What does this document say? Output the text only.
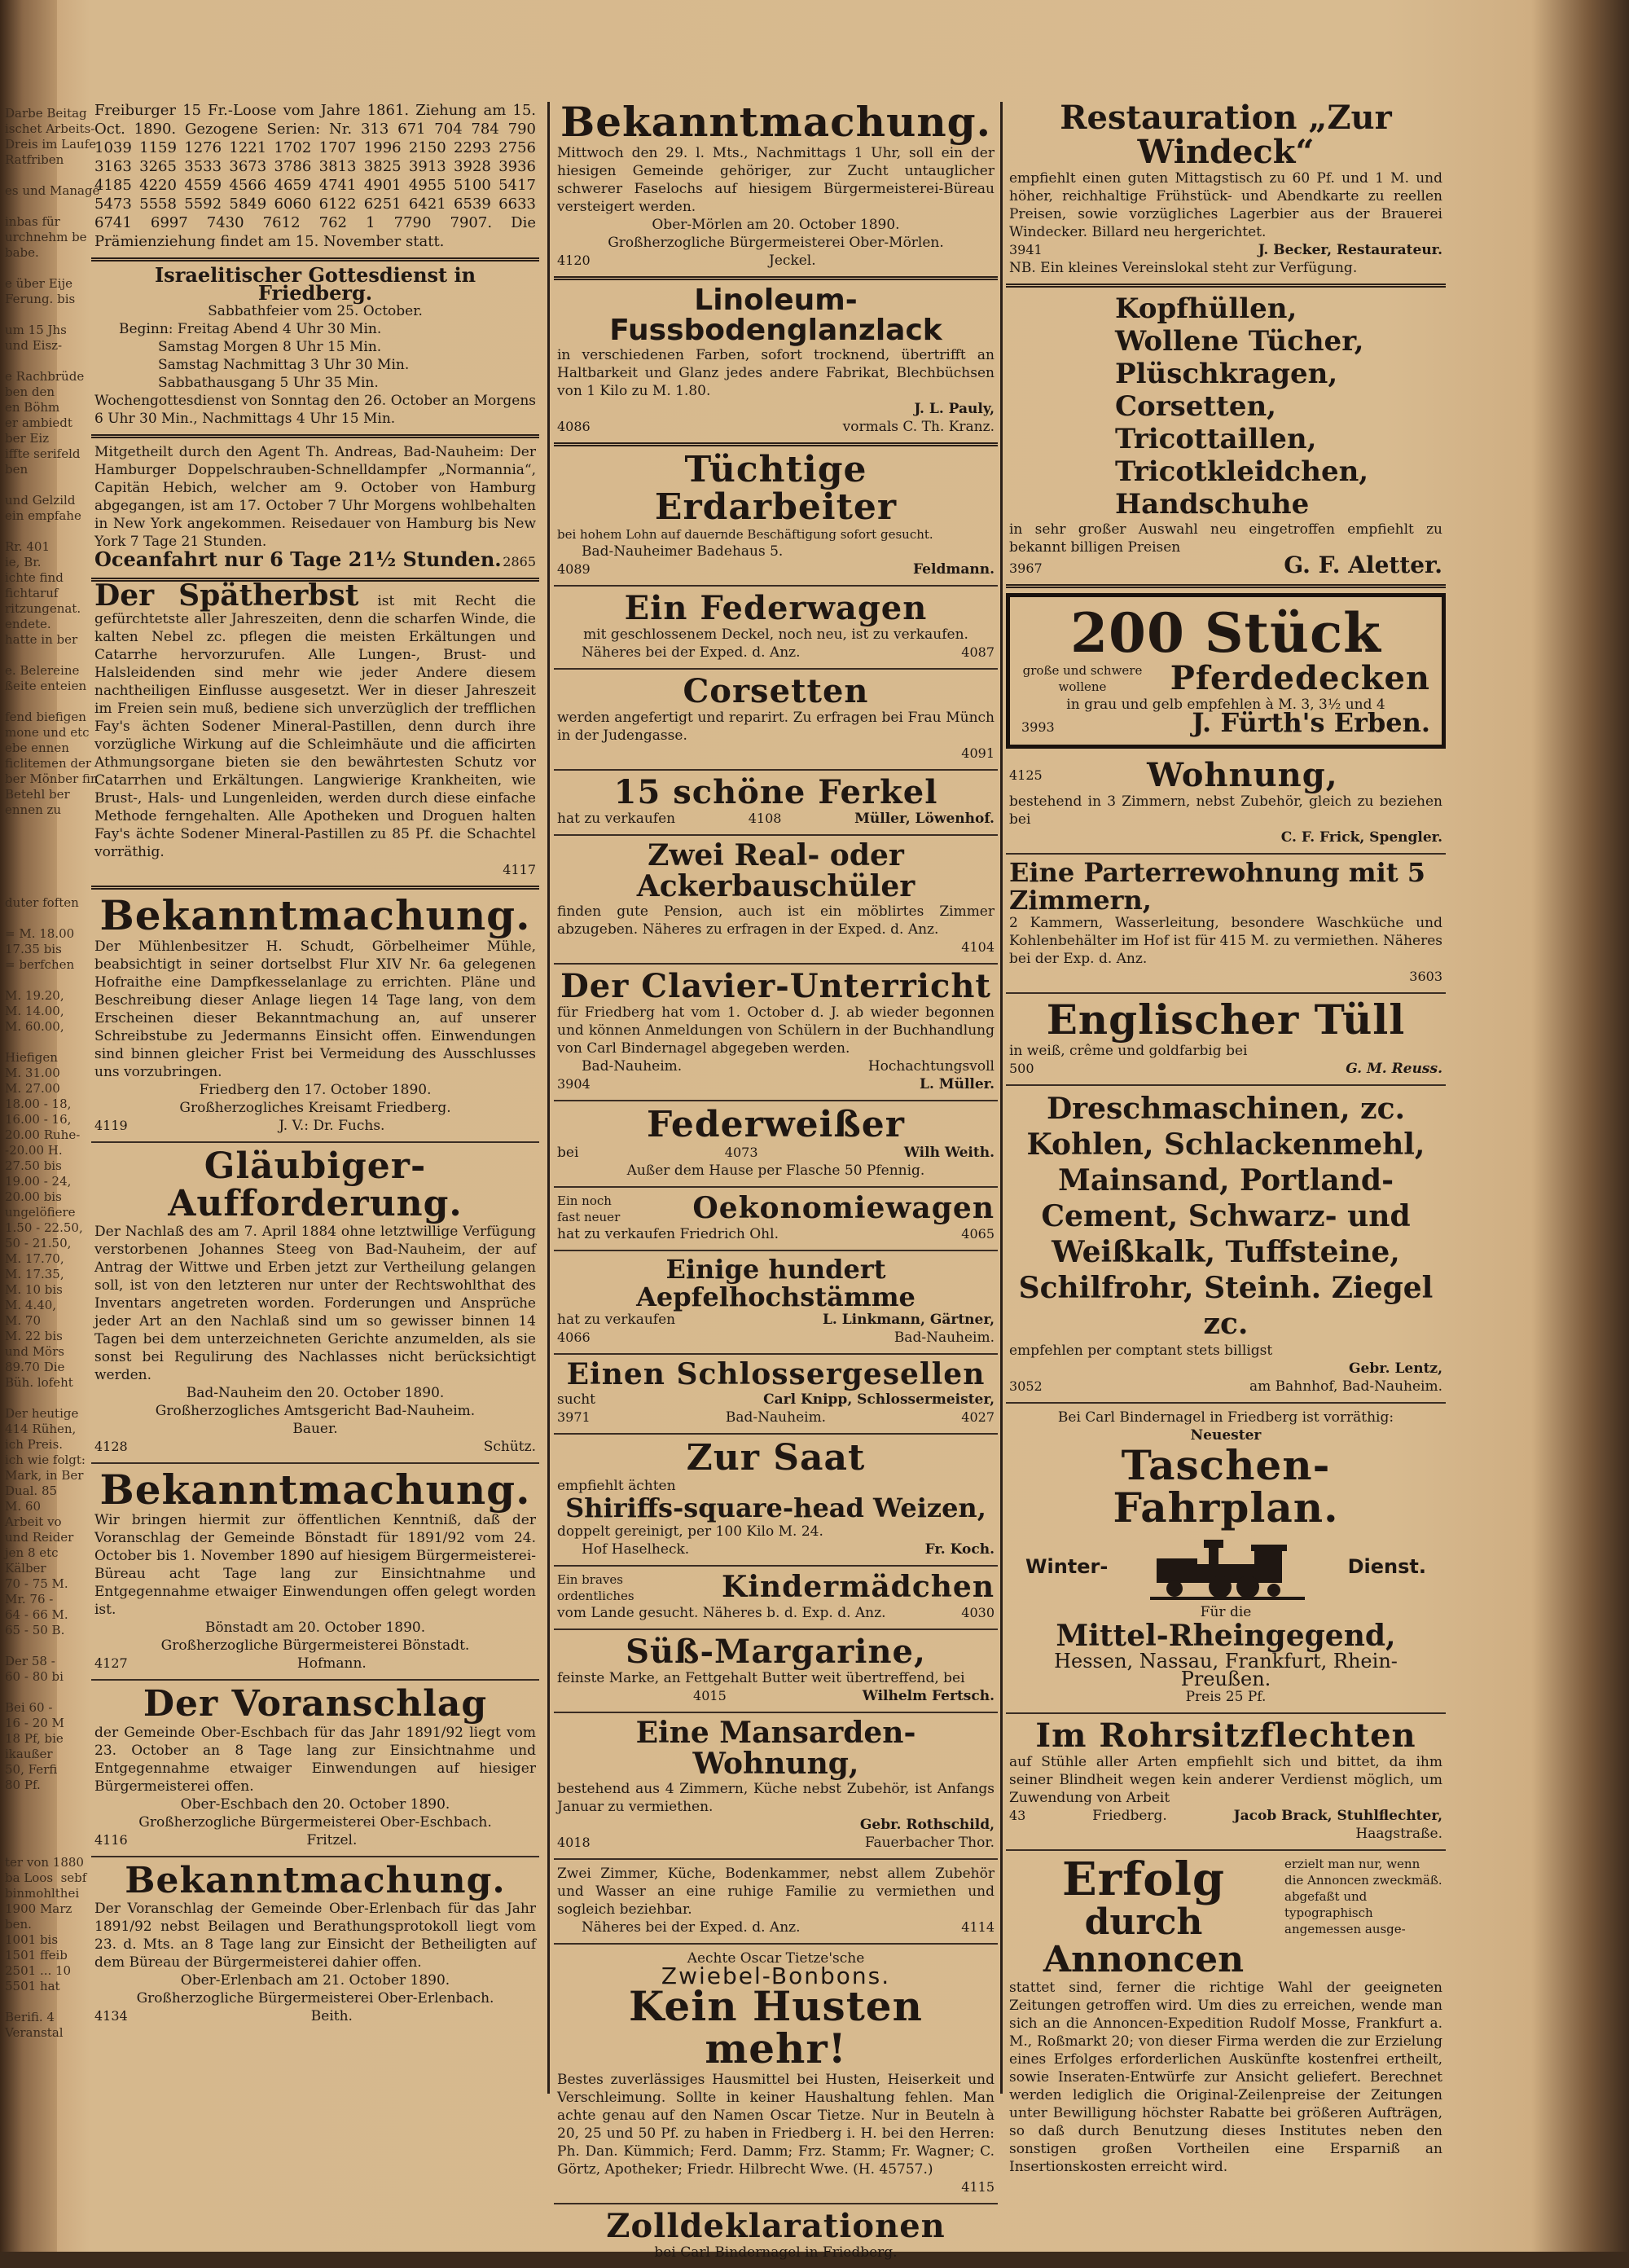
Darbe Beitag
ischet Arbeits-
Dreis im Laufe
Ratfriben

es und Manage

inbas für
urchnehm be
babe.

e über Eije
Ferung. bis

um 15 Jhs
und Eisz-

e Rachbrüde
ben den
en Böhm
er ambiedt
ber Eiz
iffte serifeld
ben

und Gelzild
ein empfahe

Rr. 401
ie, Br.
ichte find
fichtaruf
ritzungenat.
endete.
hatte in ber

e. Belereine
ßeite enteien

fend biefigen
mone und etc
ebe ennen
ficlitemen der
ber Mönber fin
Betehl ber
ennen zu

duter foften

= M. 18.00
17.35 bis
= berfchen

M. 19.20,
M. 14.00,
M. 60.00,

Hiefigen
M. 31.00
M. 27.00
18.00 - 18,
16.00 - 16,
20.00 Ruhe-
-20.00 H.
27.50 bis
19.00 - 24,
20.00 bis
ungelöfiere
1.50 - 22.50,
50 - 21.50,
M. 17.70,
M. 17.35,
M. 10 bis
M. 4.40,
M. 70
M. 22 bis
und Mörs
89.70 Die
Büh. lofeht

Der heutige
414 Rühen,
ich Preis.
ich wie folgt:
Mark, in Ber
Dual. 85
M. 60
Arbeit vo
und Reider
jen 8 etc
Kälber
70 - 75 M.
Mr. 76 -
64 - 66 M.
65 - 50 B.

Der 58 -
60 - 80 bi

Bei 60 -
16 - 20 M
18 Pf, bie
ikaußer
50, Ferfi
80 Pf.

ter von 1880
ba Loos  sebf
binmohlthei
1900 Marz
ben.
1001 bis
1501 ffeib
2501 ... 10
5501 hat

Berifi. 4
Veranstal
Freiburger 15 Fr.-Loose vom Jahre 1861. Ziehung am 15. Oct. 1890. Gezogene Serien: Nr. 313 671 704 784 790 1039 1159 1276 1221 1702 1707 1996 2150 2293 2756 3163 3265 3533 3673 3786 3813 3825 3913 3928 3936 4185 4220 4559 4566 4659 4741 4901 4955 5100 5417 5473 5558 5592 5849 6060 6122 6251 6421 6539 6633 6741 6997 7430 7612 762 1 7790 7907. Die Prämienziehung findet am 15. November statt.
Israelitischer Gottesdienst in Friedberg.
Sabbathfeier vom 25. October.
Beginn: Freitag Abend 4 Uhr 30 Min.
Samstag Morgen 8 Uhr 15 Min.
Samstag Nachmittag 3 Uhr 30 Min.
Sabbathausgang 5 Uhr 35 Min.
Wochengottesdienst von Sonntag den 26. October an Morgens 6 Uhr 30 Min., Nachmittags 4 Uhr 15 Min.
Mitgetheilt durch den Agent Th. Andreas, Bad-Nauheim: Der Hamburger Doppelschrauben-Schnelldampfer „Normannia“, Capitän Hebich, welcher am 9. October von Hamburg abgegangen, ist am 17. October 7 Uhr Morgens wohlbehalten in New York angekommen. Reisedauer von Hamburg bis New York 7 Tage 21 Stunden.
Oceanfahrt nur 6 Tage 21½ Stunden. 2865
Der Spätherbst ist mit Recht die gefürchtetste aller Jahreszeiten, denn die scharfen Winde, die kalten Nebel zc. pflegen die meisten Erkältungen und Catarrhe hervorzurufen. Alle Lungen-, Brust- und Halsleidenden sind mehr wie jeder Andere diesem nachtheiligen Einflusse ausgesetzt. Wer in dieser Jahreszeit im Freien sein muß, bediene sich unverzüglich der trefflichen Fay's ächten Sodener Mineral-Pastillen, denn durch ihre vorzügliche Wirkung auf die Schleimhäute und die afficirten Athmungsorgane bieten sie den bewährtesten Schutz vor Catarrhen und Erkältungen. Langwierige Krankheiten, wie Brust-, Hals- und Lungenleiden, werden durch diese einfache Methode ferngehalten. Alle Apotheken und Droguen halten Fay's ächte Sodener Mineral-Pastillen zu 85 Pf. die Schachtel vorräthig.
4117
Bekanntmachung.
Der Mühlenbesitzer H. Schudt, Görbelheimer Mühle, beabsichtigt in seiner dortselbst Flur XIV Nr. 6a gelegenen Hofraithe eine Dampfkesselanlage zu errichten. Pläne und Beschreibung dieser Anlage liegen 14 Tage lang, von dem Erscheinen dieser Bekanntmachung an, auf unserer Schreibstube zu Jedermanns Einsicht offen. Einwendungen sind binnen gleicher Frist bei Vermeidung des Ausschlusses uns vorzubringen.
Friedberg den 17. October 1890.
Großherzogliches Kreisamt Friedberg.
4119	J. V.: Dr. Fuchs.
Gläubiger-Aufforderung.
Der Nachlaß des am 7. April 1884 ohne letztwillige Verfügung verstorbenen Johannes Steeg von Bad-Nauheim, der auf Antrag der Wittwe und Erben jetzt zur Vertheilung gelangen soll, ist von den letzteren nur unter der Rechtswohlthat des Inventars angetreten worden. Forderungen und Ansprüche jeder Art an den Nachlaß sind um so gewisser binnen 14 Tagen bei dem unterzeichneten Gerichte anzumelden, als sie sonst bei Regulirung des Nachlasses nicht berücksichtigt werden.
Bad-Nauheim den 20. October 1890.
Großherzogliches Amtsgericht Bad-Nauheim.
Bauer.
4128	Schütz.
Bekanntmachung.
Wir bringen hiermit zur öffentlichen Kenntniß, daß der Voranschlag der Gemeinde Bönstadt für 1891/92 vom 24. October bis 1. November 1890 auf hiesigem Bürgermeisterei-Büreau acht Tage lang zur Einsichtnahme und Entgegennahme etwaiger Einwendungen offen gelegt worden ist.
Bönstadt am 20. October 1890.
Großherzogliche Bürgermeisterei Bönstadt.
4127	Hofmann.
Der Voranschlag
der Gemeinde Ober-Eschbach für das Jahr 1891/92 liegt vom 23. October an 8 Tage lang zur Einsichtnahme und Entgegennahme etwaiger Einwendungen auf hiesiger Bürgermeisterei offen.
Ober-Eschbach den 20. October 1890.
Großherzogliche Bürgermeisterei Ober-Eschbach.
4116	Fritzel.
Bekanntmachung.
Der Voranschlag der Gemeinde Ober-Erlenbach für das Jahr 1891/92 nebst Beilagen und Berathungsprotokoll liegt vom 23. d. Mts. an 8 Tage lang zur Einsicht der Betheiligten auf dem Büreau der Bürgermeisterei dahier offen.
Ober-Erlenbach am 21. October 1890.
Großherzogliche Bürgermeisterei Ober-Erlenbach.
4134	Beith.
Bekanntmachung.
Mittwoch den 29. l. Mts., Nachmittags 1 Uhr, soll ein der hiesigen Gemeinde gehöriger, zur Zucht untauglicher schwerer Faselochs auf hiesigem Bürgermeisterei-Büreau versteigert werden.
Ober-Mörlen am 20. October 1890.
Großherzogliche Bürgermeisterei Ober-Mörlen.
4120	Jeckel.
Linoleum-Fussbodenglanzlack
in verschiedenen Farben, sofort trocknend, übertrifft an Haltbarkeit und Glanz jedes andere Fabrikat, Blechbüchsen von 1 Kilo zu M. 1.80.
J. L. Pauly,
4086	vormals C. Th. Kranz.
Tüchtige Erdarbeiter
bei hohem Lohn auf dauernde Beschäftigung sofort gesucht.
Bad-Nauheimer Badehaus 5.
4089	Feldmann.
Ein Federwagen
mit geschlossenem Deckel, noch neu, ist zu verkaufen.
Näheres bei der Exped. d. Anz.	4087
Corsetten
werden angefertigt und reparirt. Zu erfragen bei Frau Münch in der Judengasse.
4091
15 schöne Ferkel
hat zu verkaufen	4108	Müller, Löwenhof.
Zwei Real- oder Ackerbauschüler
finden gute Pension, auch ist ein möblirtes Zimmer abzugeben. Näheres zu erfragen in der Exped. d. Anz.
4104
Der Clavier-Unterricht
für Friedberg hat vom 1. October d. J. ab wieder begonnen und können Anmeldungen von Schülern in der Buchhandlung von Carl Bindernagel abgegeben werden.
Bad-Nauheim.	Hochachtungsvoll
3904	L. Müller.
Federweißer
bei	4073	Wilh Weith.
Außer dem Hause per Flasche 50 Pfennig.
Ein noch fast neuer Oekonomiewagen
hat zu verkaufen Friedrich Ohl.	4065
Einige hundert Aepfelhochstämme
hat zu verkaufen	L. Linkmann, Gärtner,
4066	Bad-Nauheim.
Einen Schlossergesellen
sucht	Carl Knipp, Schlossermeister,
3971	Bad-Nauheim.	4027
Zur Saat
empfiehlt ächten
Shiriffs-square-head Weizen,
doppelt gereinigt, per 100 Kilo M. 24.
Hof Haselheck.	Fr. Koch.
Ein braves ordentliches	Kindermädchen
vom Lande gesucht. Näheres b. d. Exp. d. Anz.	4030
Süß-Margarine,
feinste Marke, an Fettgehalt Butter weit übertreffend, bei
4015	Wilhelm Fertsch.
Eine Mansarden-Wohnung,
bestehend aus 4 Zimmern, Küche nebst Zubehör, ist Anfangs Januar zu vermiethen.
Gebr. Rothschild,
4018	Fauerbacher Thor.
Zwei Zimmer, Küche, Bodenkammer, nebst allem Zubehör und Wasser an eine ruhige Familie zu vermiethen und sogleich beziehbar.
Näheres bei der Exped. d. Anz.	4114
Aechte Oscar Tietze'sche
Zwiebel-Bonbons.
Kein Husten mehr!
Bestes zuverlässiges Hausmittel bei Husten, Heiserkeit und Verschleimung. Sollte in keiner Haushaltung fehlen. Man achte genau auf den Namen Oscar Tietze. Nur in Beuteln à 20, 25 und 50 Pf. zu haben in Friedberg i. H. bei den Herren: Ph. Dan. Kümmich; Ferd. Damm; Frz. Stamm; Fr. Wagner; C. Görtz, Apotheker; Friedr. Hilbrecht Wwe. (H. 45757.)
4115
Zolldeklarationen
bei Carl Bindernagel in Friedberg.
Restauration „Zur Windeck“
empfiehlt einen guten Mittagstisch zu 60 Pf. und 1 M. und höher, reichhaltige Frühstück- und Abendkarte zu reellen Preisen, sowie vorzügliches Lagerbier aus der Brauerei Windecker. Billard neu hergerichtet.
3941	J. Becker, Restaurateur.
NB. Ein kleines Vereinslokal steht zur Verfügung.
Kopfhüllen,
Wollene Tücher,
Plüschkragen,
Corsetten,
Tricottaillen,
Tricotkleidchen,
Handschuhe
in sehr großer Auswahl neu eingetroffen empfiehlt zu bekannt billigen Preisen
3967	G. F. Aletter.
200 Stück
große und schwere
wollene	Pferdedecken
in grau und gelb empfehlen à M. 3, 3½ und 4
3993	J. Fürth's Erben.
4125	Wohnung,
bestehend in 3 Zimmern, nebst Zubehör, gleich zu beziehen bei
C. F. Frick, Spengler.
Eine Parterrewohnung mit 5 Zimmern,
2 Kammern, Wasserleitung, besondere Waschküche und Kohlenbehälter im Hof ist für 415 M. zu vermiethen. Näheres bei der Exp. d. Anz.
3603
Englischer Tüll
in weiß, crême und goldfarbig bei
500	G. M. Reuss.
Dreschmaschinen, zc. Kohlen, Schlackenmehl, Mainsand, Portland-Cement, Schwarz- und Weißkalk, Tuffsteine, Schilfrohr, Steinh. Ziegel zc.
empfehlen per comptant stets billigst
Gebr. Lentz,
3052	am Bahnhof, Bad-Nauheim.
Bei Carl Bindernagel in Friedberg ist vorräthig:
Neuester
Taschen-Fahrplan.
Winter-	Dienst.
Für die
Mittel-Rheingegend,
Hessen, Nassau, Frankfurt, Rhein-Preußen.
Preis 25 Pf.
Im Rohrsitzflechten
auf Stühle aller Arten empfiehlt sich und bittet, da ihm seiner Blindheit wegen kein anderer Verdienst möglich, um Zuwendung von Arbeit
43	Friedberg.	Jacob Brack, Stuhlflechter,
Haagstraße.
Erfolg
durch Annoncen
erzielt man nur, wenn die Annoncen zweckmäß. abgefaßt und typographisch angemessen ausge-
stattet sind, ferner die richtige Wahl der geeigneten Zeitungen getroffen wird. Um dies zu erreichen, wende man sich an die Annoncen-Expedition Rudolf Mosse, Frankfurt a. M., Roßmarkt 20; von dieser Firma werden die zur Erzielung eines Erfolges erforderlichen Auskünfte kostenfrei ertheilt, sowie Inseraten-Entwürfe zur Ansicht geliefert. Berechnet werden lediglich die Original-Zeilenpreise der Zeitungen unter Bewilligung höchster Rabatte bei größeren Aufträgen, so daß durch Benutzung dieses Institutes neben den sonstigen großen Vortheilen eine Ersparniß an Insertionskosten erreicht wird.
